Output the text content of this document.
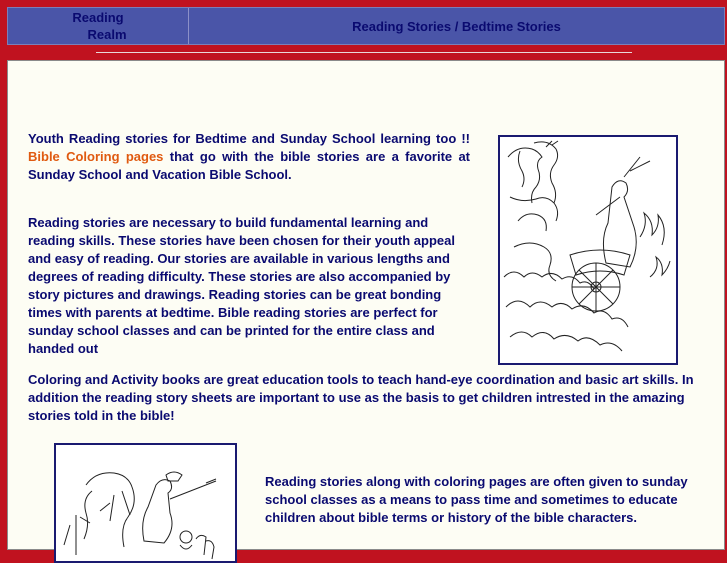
Reading
Realm
Reading Stories / Bedtime Stories

Youth Reading stories for Bedtime and Sunday School learning too !! Bible Coloring pages that go with the bible stories are a favorite at Sunday School and Vacation Bible School.

Reading stories are necessary to build fundamental learning and reading skills. These stories have been chosen for their youth appeal and easy of reading. Our stories are available in various lengths and degrees of reading difficulty. These stories are also accompanied by story pictures and drawings. Reading stories can be great bonding times with parents at bedtime. Bible reading stories are perfect for sunday school classes and can be printed for the entire class and handed out

Coloring and Activity books are great education tools to teach hand-eye coordination and basic art skills. In addition the reading story sheets are important to use as the basis to get children intrested in the amazing stories told in the bible!

Reading stories along with coloring pages are often given to sunday school classes as a means to pass time and sometimes to educate children about bible terms or history of the bible characters.
